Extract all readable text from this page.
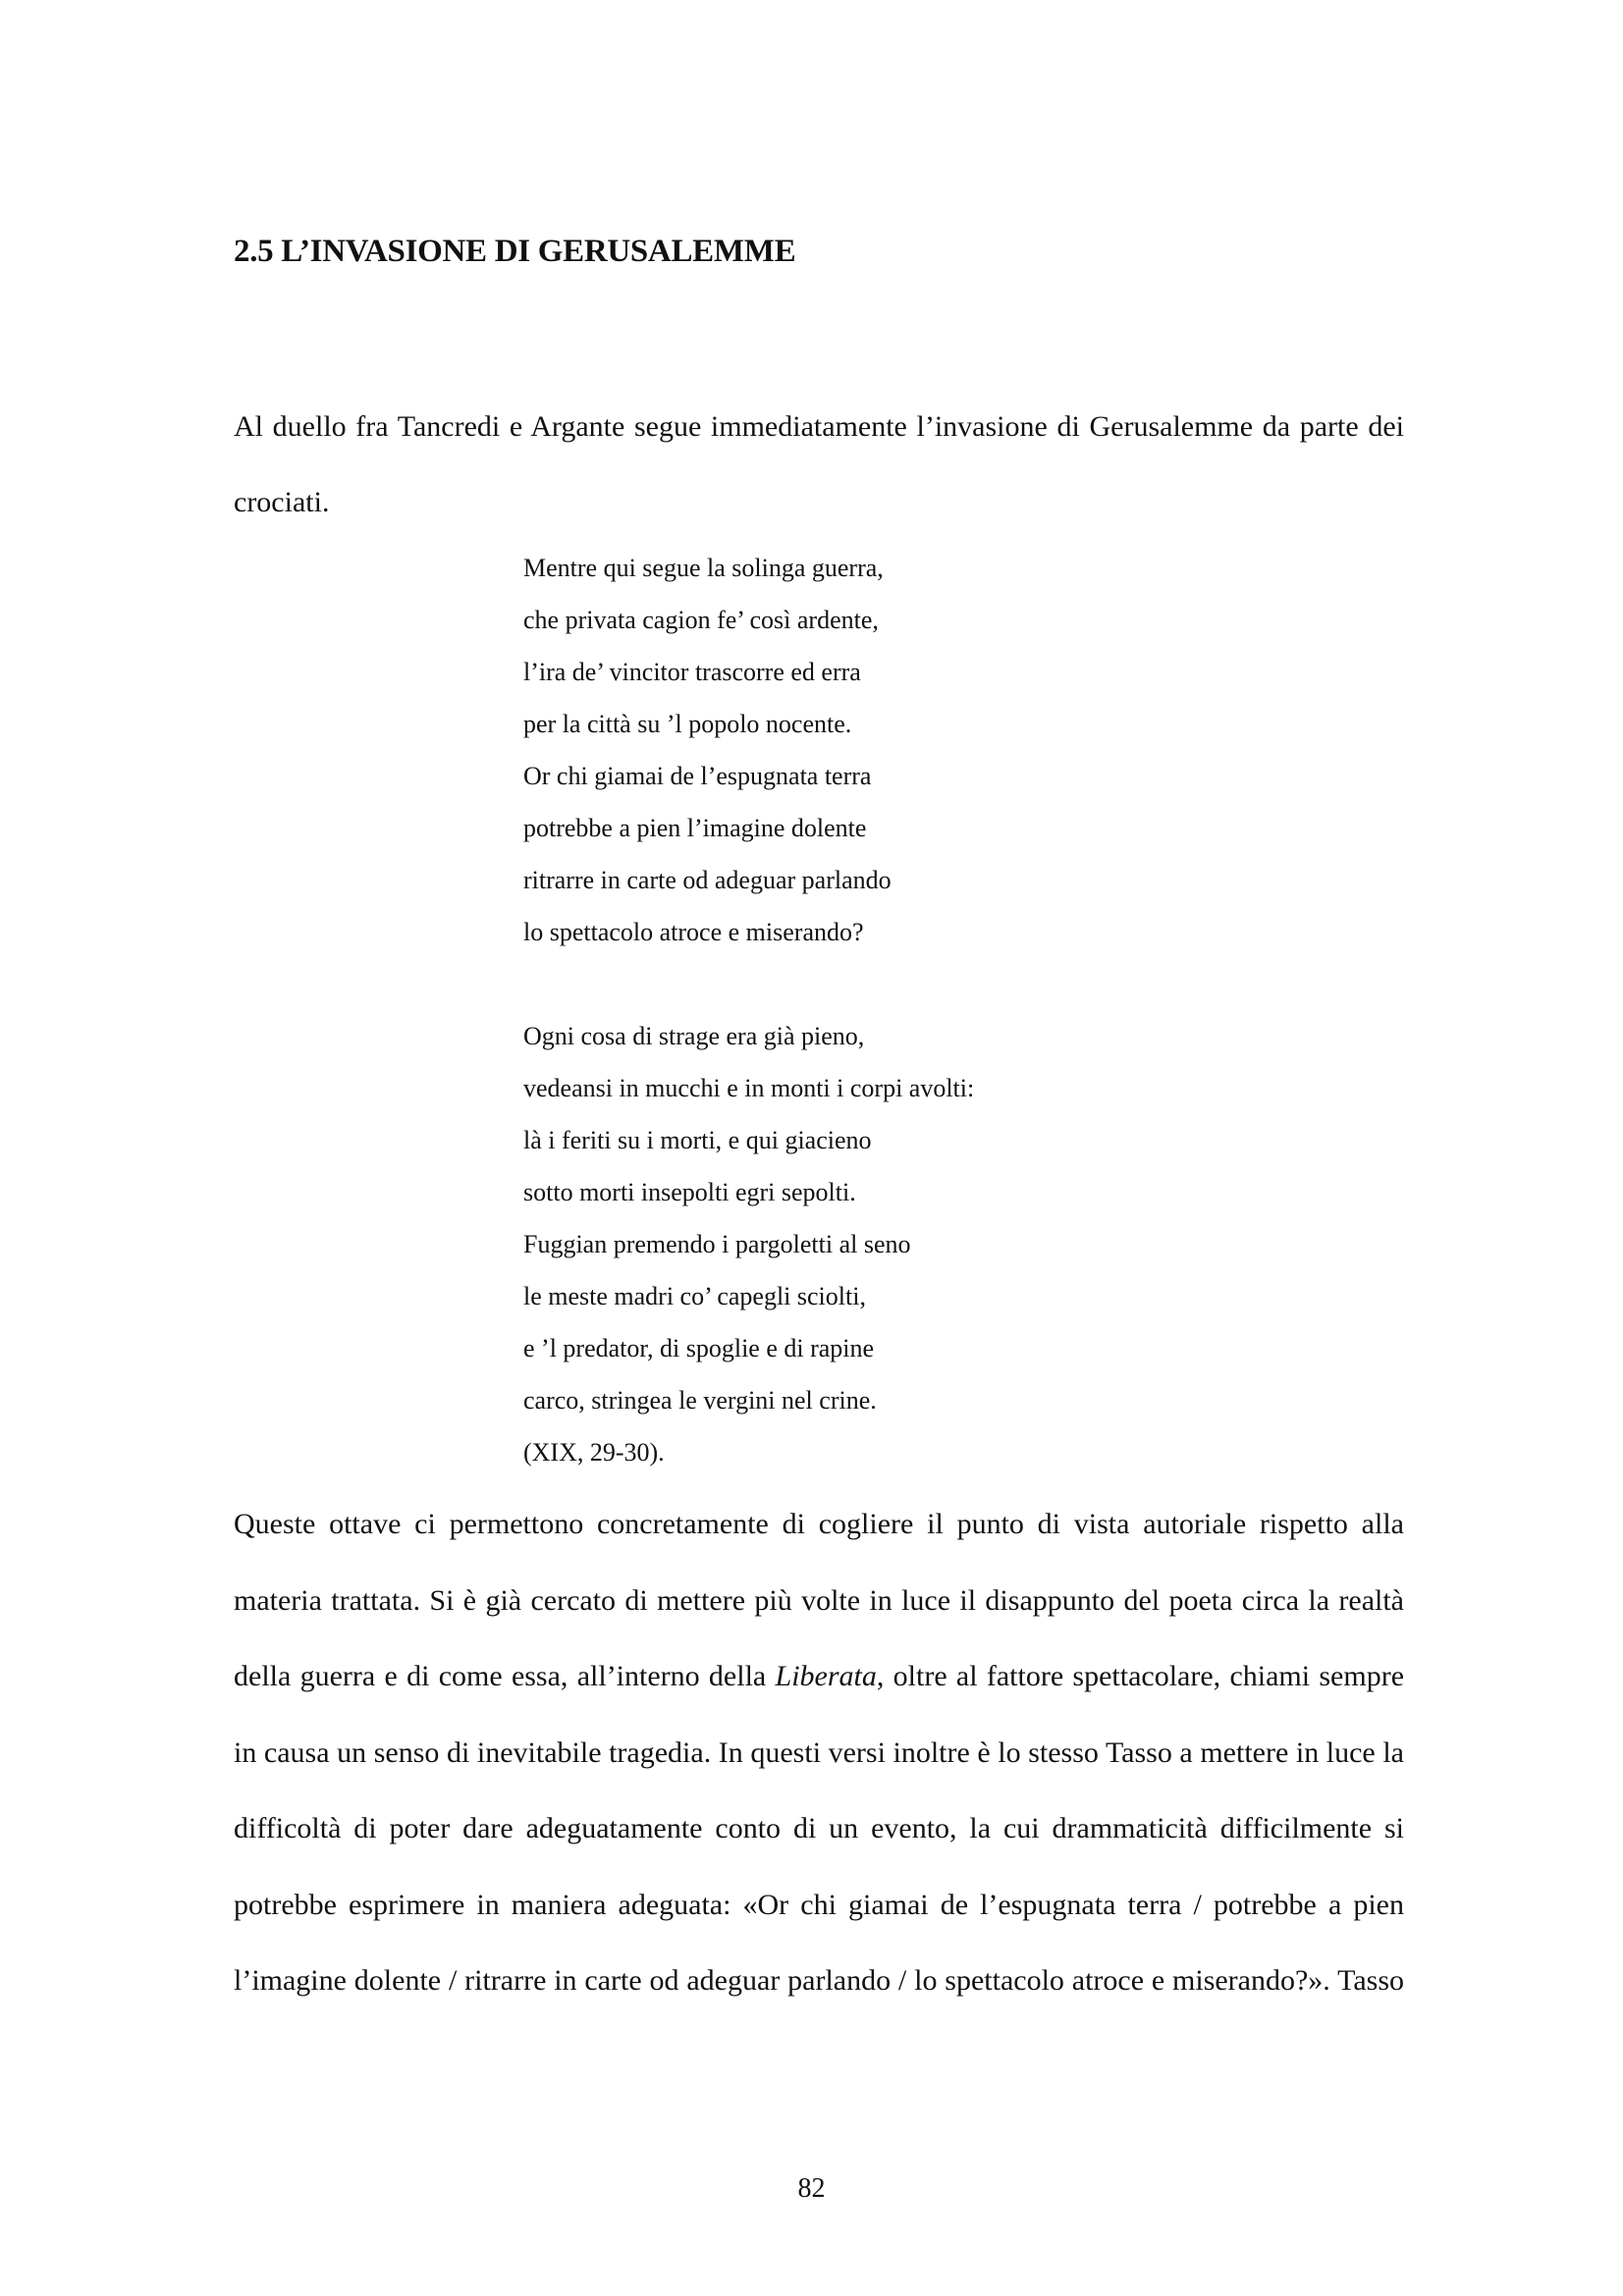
2.5 L’INVASIONE DI GERUSALEMME

Al duello fra Tancredi e Argante segue immediatamente l’invasione di Gerusalemme da parte dei crociati.

Mentre qui segue la solinga guerra,
che privata cagion fe’ così ardente,
l’ira de’ vincitor trascorre ed erra
per la città su ’l popolo nocente.
Or chi giamai de l’espugnata terra
potrebbe a pien l’imagine dolente
ritrarre in carte od adeguar parlando
lo spettacolo atroce e miserando?
Ogni cosa di strage era già pieno,
vedeansi in mucchi e in monti i corpi avolti:
là i feriti su i morti, e qui giacieno
sotto morti insepolti egri sepolti.
Fuggian premendo i pargoletti al seno
le meste madri co’ capegli sciolti,
e ’l predator, di spoglie e di rapine
carco, stringea le vergini nel crine.

(XIX, 29-30).

Queste ottave ci permettono concretamente di cogliere il punto di vista autoriale rispetto alla materia trattata. Si è già cercato di mettere più volte in luce il disappunto del poeta circa la realtà della guerra e di come essa, all’interno della Liberata, oltre al fattore spettacolare, chiami sempre in causa un senso di inevitabile tragedia. In questi versi inoltre è lo stesso Tasso a mettere in luce la difficoltà di poter dare adeguatamente conto di un evento, la cui drammaticità difficilmente si potrebbe esprimere in maniera adeguata: «Or chi giamai de l’espugnata terra / potrebbe a pien l’imagine dolente / ritrarre in carte od adeguar parlando / lo spettacolo atroce e miserando?». Tasso

82
